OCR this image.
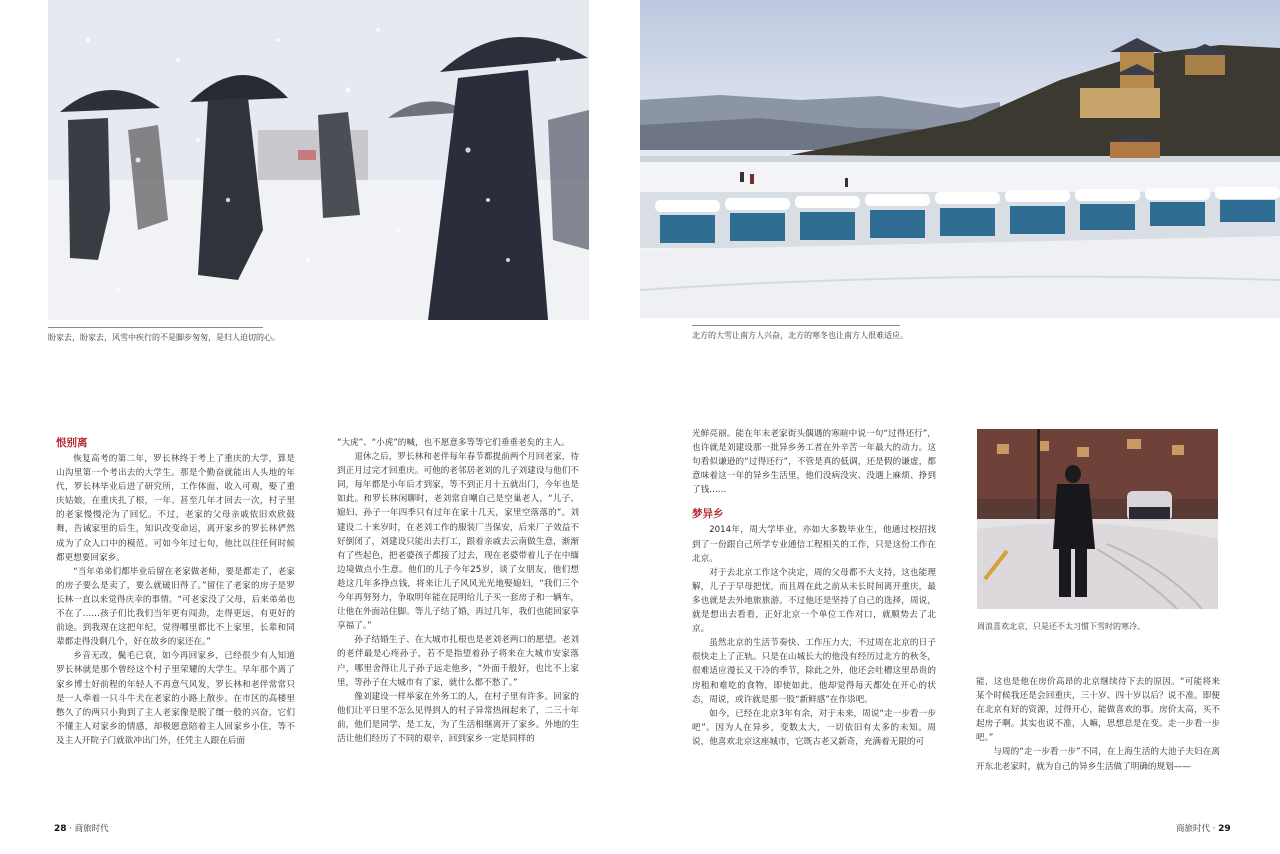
盼家去，盼家去，风雪中疾行的不是脚步匆匆，是归人迫切的心。	北方的大雪让南方人兴奋，北方的寒冬也让南方人很难适应。
恨别离

恢复高考的第二年，罗长林终于考上了重庆的大学，算是山沟里第一个考出去的大学生。那是个勤奋就能出人头地的年代，罗长林毕业后进了研究所，工作体面、收入可观，娶了重庆姑娘，在重庆扎了根，一年、甚至几年才回去一次，村子里的老家慢慢沦为了回忆。不过，老家的父母亲戚依旧欢欣鼓舞，告诫家里的后生，知识改变命运，离开家乡的罗长林俨然成为了众人口中的模范。可如今年过七旬，他比以往任何时候都更想要回家乡。

“当年弟弟们都毕业后留在老家做老师，要是都走了，老家的房子要么是卖了，要么就破旧得了。”留住了老家的房子是罗长林一直以来觉得庆幸的事情。“可老家没了父母，后来弟弟也不在了……孩子们比我们当年更有闯劲，走得更远，有更好的前途。到我现在这把年纪，觉得哪里都比不上家里，长辈和同辈都走得没剩几个，好在故乡的家还在。”

乡音无改，鬓毛已衰，如今再回家乡，已经很少有人知道罗长林就是那个曾经这个村子里荣耀的大学生。早年那个离了家乡博士好前程的年轻人不再意气风发，罗长林和老伴常常只是一人牵着一只斗牛犬在老家的小路上散步。在市区的高楼里憋久了的两只小狗到了主人老家像是脱了缰一般的兴奋，它们不懂主人对家乡的情感，却极愿意陪着主人回家乡小住，等不及主人开院子门就欲冲出门外，任凭主人跟在后面

“大虎”、“小虎”的喊，也不愿意多等等它们垂垂老矣的主人。

退休之后，罗长林和老伴每年春节都提前两个月回老家，待到正月过完才回重庆。可他的老邻居老刘的儿子刘建设与他们不同，每年都是小年后才到家，等不到正月十五就出门，今年也是如此。和罗长林闲聊时，老刘常自嘲自己是空巢老人，“儿子、媳妇、孙子一年四季只有过年在家十几天，家里空落落的”。刘建设二十来岁时，在老刘工作的服装厂当保安，后来厂子效益不好倒闭了，刘建设只能出去打工，跟着亲戚去云南做生意，渐渐有了些起色，把老婆孩子都接了过去，现在老婆带着儿子在中缅边境做点小生意。他们的儿子今年25岁，谈了女朋友，他们想趁这几年多挣点钱，将来让儿子风风光光地娶媳妇，“我们三个今年再努努力，争取明年能在昆明给儿子买一套房子和一辆车，让他在外面站住脚。等儿子结了婚，再过几年，我们也能回家享享福了。”

孙子结婚生子、在大城市扎根也是老刘老两口的愿望。老刘的老伴最是心疼孙子，若不是指望着孙子将来在大城市安家落户，哪里舍得让儿子孙子远走他乡，“外面千般好，也比不上家里，等孙子在大城市有了家，就什么都不愁了。”

像刘建设一样举家在外务工的人，在村子里有许多。回家的他们让平日里不怎么见得到人的村子异常热闹起来了，二三十年前，他们是同学、是工友，为了生活相继离开了家乡。外地的生活让他们经历了不同的艰辛，回到家乡一定是同样的

光鲜亮丽。能在年末老家街头偶遇的寒暄中说一句“过得还行”，也许就是刘建设那一批异乡务工者在外辛苦一年最大的动力。这句看似谦逊的“过得还行”，不管是真的低调，还是假的谦虚，都意味着这一年的异乡生活里，他们没病没灾、没遇上麻烦、挣到了钱……

梦异乡

2014年，周大学毕业，亦如大多数毕业生，他通过校招找到了一份跟自己所学专业通信工程相关的工作，只是这份工作在北京。

对于去北京工作这个决定，周的父母都不大支持，这也能理解，儿子于早母把忧，而且周在此之前从未长时间离开重庆，最多也就是去外地旅旅游。不过他还是坚持了自己的选择，周说，就是想出去看看，正好北京一个单位工作对口，就顺势去了北京。

虽然北京的生活节奏快、工作压力大，不过周在北京的日子很快走上了正轨。只是在山城长大的他没有经历过北方的秋冬，很难适应漫长又干冷的季节，除此之外，他还会吐槽这里昂贵的房租和难吃的食物，即使如此，他却觉得每天都处在开心的状态，周说，或许就是那一股“新鲜感”在作祟吧。

如今，已经在北京3年有余，对于未来，周说“走一步看一步吧”。因为人在异乡，变数太大，一切依旧有太多的未知。周说，他喜欢北京这座城市，它既古老又新奇，充满着无限的可

周浪喜欢北京，只是还不太习惯下雪时的寒冷。

能，这也是他在房价高昂的北京继续待下去的原因。“可能将来某个时候我还是会回重庆，三十岁、四十岁以后？说不准。即便在北京有好的资源，过得开心，能做喜欢的事。房价太高，买不起房子啊。其实也说不准，人嘛，思想总是在变。走一步看一步吧。”

与周的“走一步看一步”不同，在上海生活的大池子夫妇在离开东北老家时，就为自己的异乡生活做了明确的规划——

28 · 商旅时代	商旅时代 · 29
